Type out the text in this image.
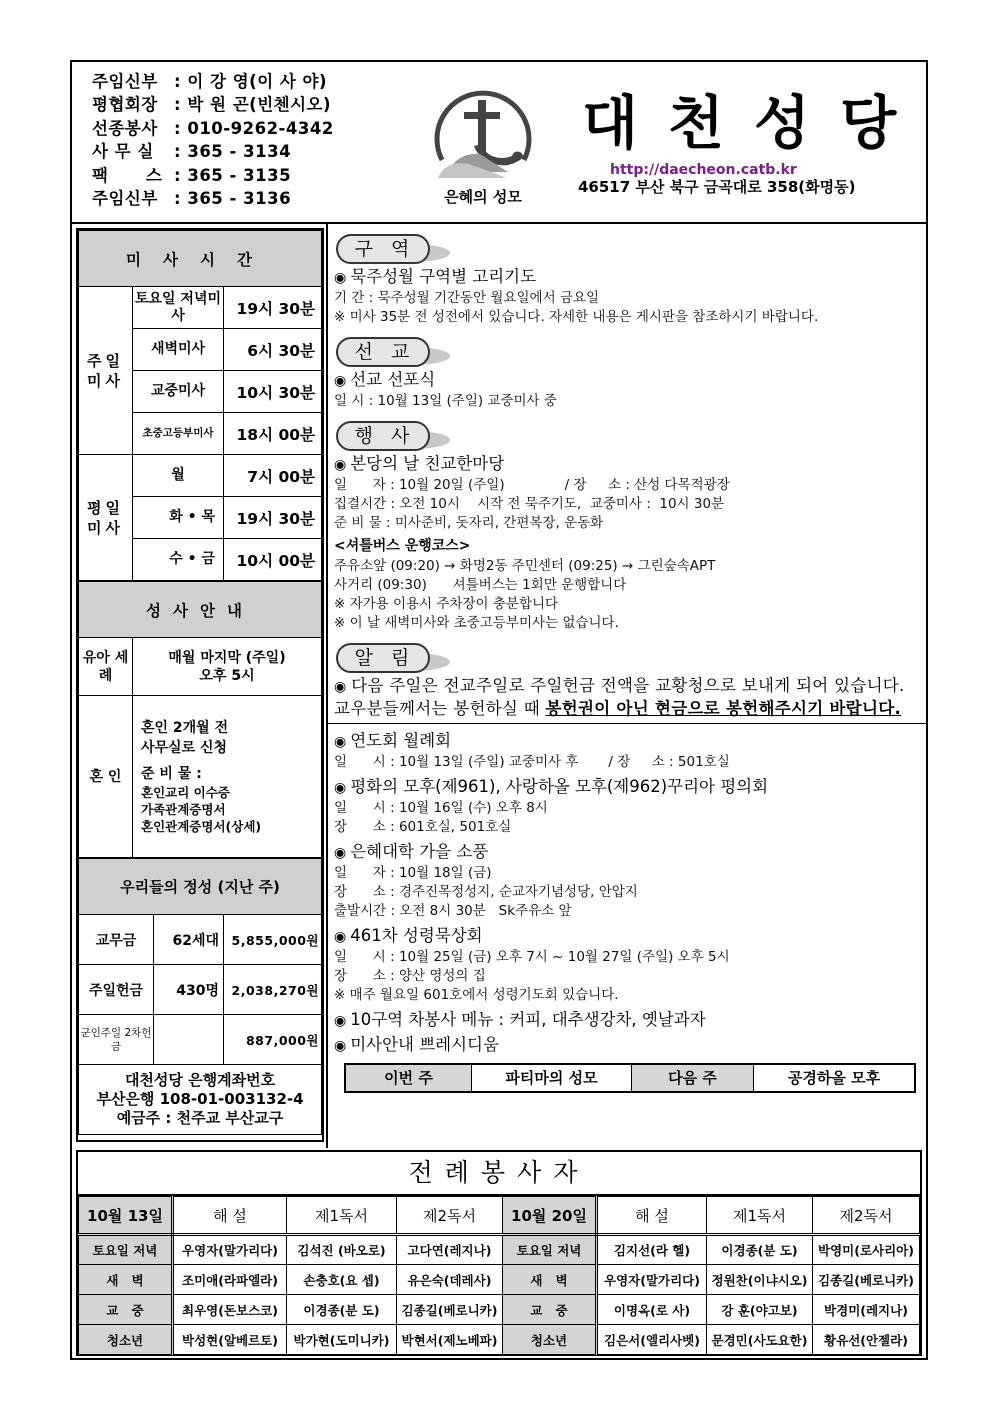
주임신부 : 이 강 영(이 사 야)
평협회장 : 박 원 곤(빈첸시오)
선종봉사 : 010-9262-4342
사 무 실 : 365 - 3134
팩      스 : 365 - 3135
주임신부 : 365 - 3136	은혜의 성모
대천성당
http://daecheon.catb.kr
46517 부산 북구 금곡대로 358(화명동)
미사시간		
주일 미사	토요일 저녁미사	19시 30분
	새벽미사	6시 30분
	교중미사	10시 30분
	초중고등부미사	18시 00분
평일 미사	월	7시 00분
	화 • 목	19시 30분
	수 • 금	10시 00분
성사안내	
유아 세례	매월 마지막 (주일)
오후 5시

혼 인	
혼인 2개월 전
사무실로 신청
준 비 물 :
혼인교리 이수증
가족관계증명서
혼인관계증명서(상세)
우리들의 정성 (지난 주)		
교무금	62세대	5,855,000원
주일헌금	430명	2,038,270원
군인주일 2차헌금		887,000원

대천성당 은행계좌번호
부산은행 108-01-003132-4
예금주 : 천주교 부산교구		
구역
◉ 묵주성월 구역별 고리기도
기 간 : 묵주성월 기간동안 월요일에서 금요일
※ 미사 35분 전 성전에서 있습니다. 자세한 내용은 게시판을 참조하시기 바랍니다.
선교
◉ 선교 선포식
일 시 : 10월 13일 (주일) 교중미사 중
행사
◉ 본당의 날 친교한마당
일      자 : 10월 20일 (주일)              / 장     소 : 산성 다목적광장
집결시간 : 오전 10시    시작 전 묵주기도,  교중미사 :  10시 30분
준 비 물 : 미사준비, 돗자리, 간편복장, 운동화
<셔틀버스 운행코스>
주유소앞 (09:20) → 화명2동 주민센터 (09:25) → 그린숲속APT
사거리 (09:30)      셔틀버스는 1회만 운행합니다
※ 자가용 이용시 주차장이 충분합니다
※ 이 날 새벽미사와 초중고등부미사는 없습니다.
알림
◉ 다음 주일은 전교주일로 주일헌금 전액을 교황청으로 보내게 되어 있습니다. 교우분들께서는 봉헌하실 때 봉헌권이 아닌 현금으로 봉헌해주시기 바랍니다.
◉ 연도회 월례회
일      시 : 10월 13일 (주일) 교중미사 후       / 장     소 : 501호실
◉ 평화의 모후(제961), 사랑하올 모후(제962)꾸리아 평의회
일      시 : 10월 16일 (수) 오후 8시
장      소 : 601호실, 501호실
◉ 은혜대학 가을 소풍
일      자 : 10월 18일 (금)
장      소 : 경주진목정성지, 순교자기념성당, 안압지
출발시간 : 오전 8시 30분   Sk주유소 앞
◉ 461차 성령묵상회
일      시 : 10월 25일 (금) 오후 7시 ~ 10월 27일 (주일) 오후 5시
장      소 : 양산 영성의 집
※ 매주 월요일 601호에서 성령기도회 있습니다.
◉ 10구역 차봉사 메뉴 : 커피, 대추생강차, 옛날과자
◉ 미사안내 쁘레시디움
이번 주	파티마의 성모	다음 주	공경하올 모후
전례봉사자
10월 13일	해 설	제1독서	제2독서	10월 20일	해 설	제1독서	제2독서
토요일 저녁	우영자(말가리다)	김석진 (바오로)	고다연(레지나)	토요일 저녁	김지선(라 헬)	이경종(분 도)	박영미(로사리아)
새   벽	조미애(라파엘라)	손충호(요 셉)	유은숙(데레사)	새   벽	우영자(말가리다)	정원찬(이냐시오)	김종길(베로니카)
교   중	최우영(돈보스코)	이경종(분 도)	김종길(베로니카)	교   중	이명옥(로 사)	강 훈(야고보)	박경미(레지나)
청소년	박성현(알베르토)	박가현(도미니카)	박현서(제노베파)	청소년	김은서(엘리사벳)	문경민(사도요한)	황유선(안젤라)
